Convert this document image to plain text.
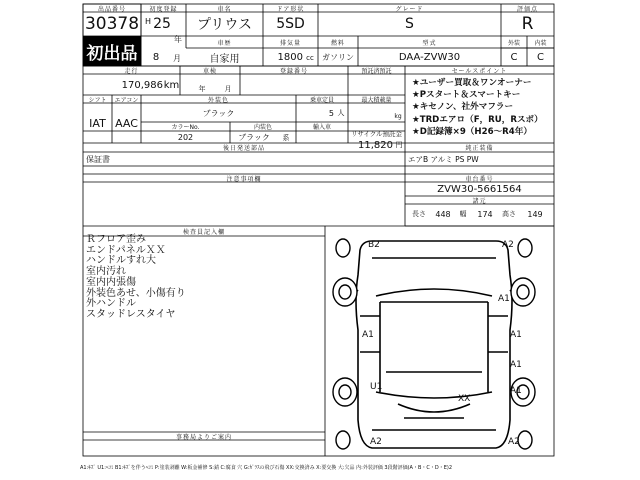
出品番号
30378
初出品
初度登録
H 25
年
8	月
車名
プリウス
ドア形状
5SD
グレード
S
評価点
R
車歴
自家用
排気量
1800 cc
燃料
ガソリン
型式
DAA-ZVW30
外装	内装
C	C
走行
170,986 km
車検
年	月
登録番号	預託済預託
リサイクル預託金
11,820 円
シフト	エアコン
IAT AAC
外装色
ブラック
乗車定員
5 人
最大積載量
kg
カラーNo.	内装色	輸入車
202	ブラック	系
セールスポイント
★ユーザー買取＆ワンオーナー
★Pスタート＆スマートキー
★キセノン、社外マフラー
★TRDエアロ（F，RU，Rスポ）
★D記録簿×9（H26～R4年）
後日発送部品
保証書
純正装備
エアB アルミ PS PW
注意事項欄	車台番号
ZVW30-5661564
諸元
長さ	448	幅	174	高さ	149
検査員記入欄
Ｒフロア歪み
エンドパネルＸＸ
ハンドルすれ大
室内汚れ
室内内張傷
外装色あせ、小傷有り
外ハンドル
スタッドレスタイヤ
事務局よりご案内
B2	A2
A1
A1	A1
A1
U1	A1
XX
A2	A2
A1:ｷｽﾞ U1:ﾍｺﾐ B1:ｷｽﾞを伴うﾍｺﾐ P:塗装剥離 W:板金補修 S:錆 C:腐食 穴 G:ｶﾞﾗｽの飛び石傷 XX:交換済み X:要交換 大:欠品 内:外装評価 3段階評価(A・B・C・D・E)2
